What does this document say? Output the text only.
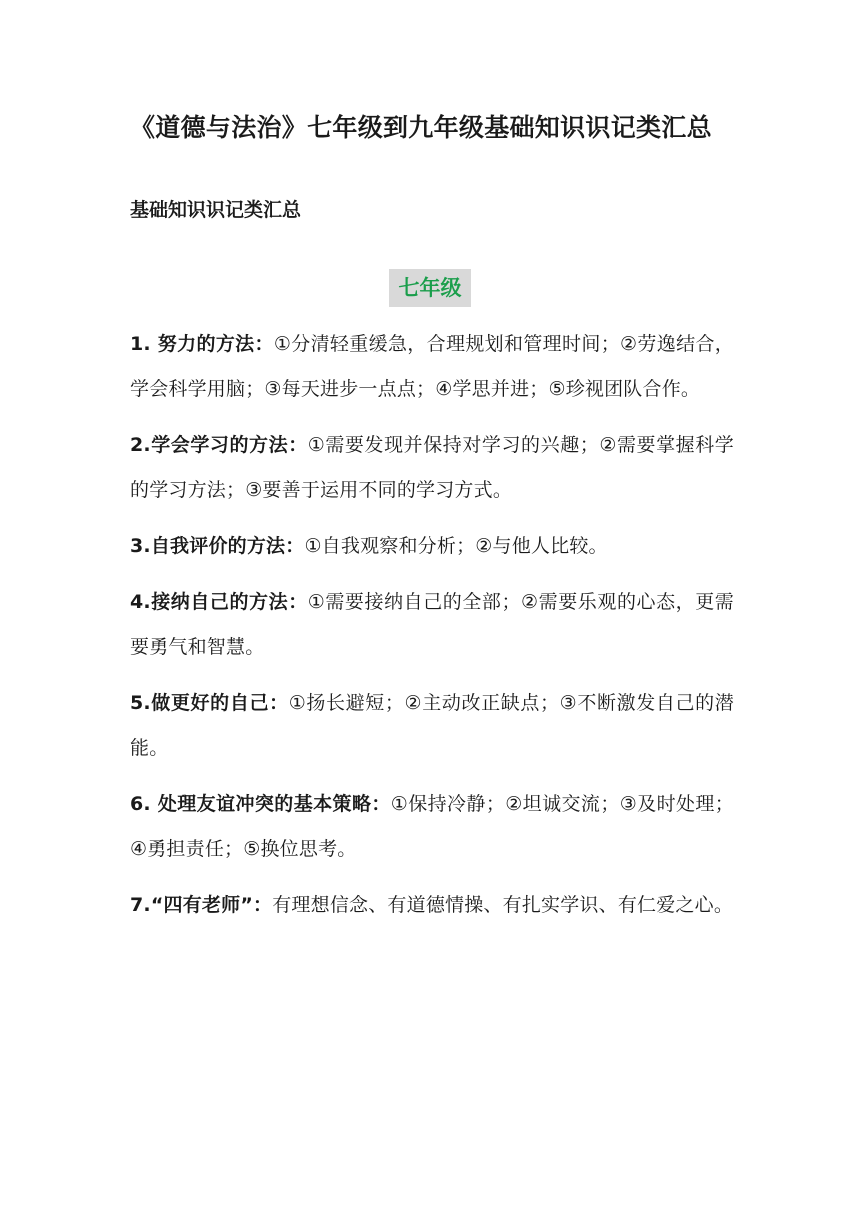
《道德与法治》七年级到九年级基础知识识记类汇总
基础知识识记类汇总
七年级
1. 努力的方法：①分清轻重缓急，合理规划和管理时间；②劳逸结合，学会科学用脑；③每天进步一点点；④学思并进；⑤珍视团队合作。
2.学会学习的方法：①需要发现并保持对学习的兴趣；②需要掌握科学的学习方法；③要善于运用不同的学习方式。
3.自我评价的方法：①自我观察和分析；②与他人比较。
4.接纳自己的方法：①需要接纳自己的全部；②需要乐观的心态，更需要勇气和智慧。
5.做更好的自己：①扬长避短；②主动改正缺点；③不断激发自己的潜能。
6. 处理友谊冲突的基本策略：①保持冷静；②坦诚交流；③及时处理；④勇担责任；⑤换位思考。
7.“四有老师”：有理想信念、有道德情操、有扎实学识、有仁爱之心。
